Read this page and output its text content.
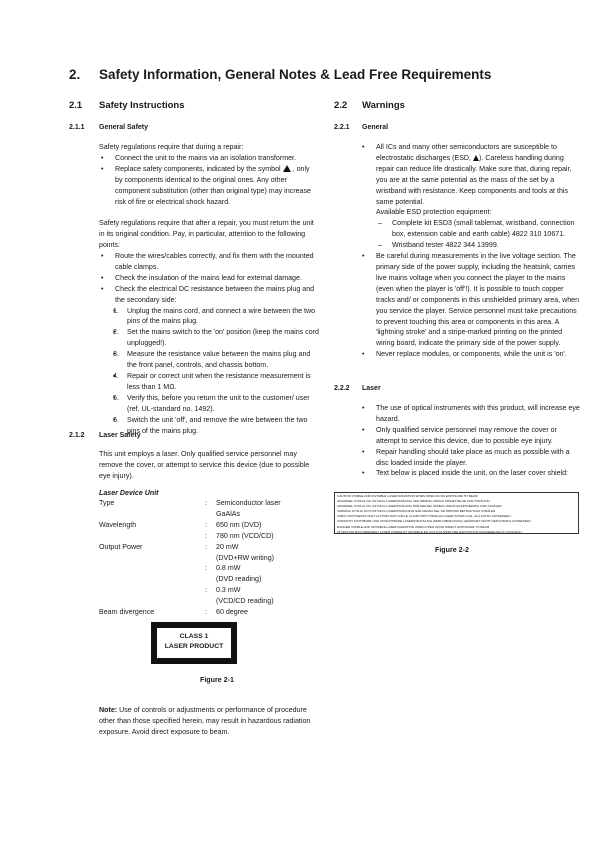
2. Safety Information, General Notes & Lead Free Requirements
2.1 Safety Instructions
2.1.1 General Safety

Safety regulations require that during a repair:

• Connect the unit to the mains via an isolation transformer.
• Replace safety components, indicated by the symbol , only by components identical to the original ones. Any other component substitution (other than original type) may increase risk of fire or electrical shock hazard.

Safety regulations require that after a repair, you must return the unit in its original condition. Pay, in particular, attention to the following points:

• Route the wires/cables correctly, and fix them with the mounted cable clamps.
• Check the insulation of the mains lead for external damage.
• Check the electrical DC resistance between the mains plug and the secondary side:
• 1. Unplug the mains cord, and connect a wire between the two pins of the mains plug.
• 2. Set the mains switch to the 'on' position (keep the mains cord unplugged!).
• 3. Measure the resistance value between the mains plug and the front panel, controls, and chassis bottom.
• 4. Repair or correct unit when the resistance measurement is less than 1 MΩ.
• 5. Verify this, before you return the unit to the customer/ user (ref. UL-standard no. 1492).
• 6. Switch the unit 'off', and remove the wire between the two pins of the mains plug.
2.1.2 Laser Safety
This unit employs a laser. Only qualified service personnel may remove the cover, or attempt to service this device (due to possible eye injury).
Laser Device Unit
Type	:	Semiconductor laser
		GaAlAs
Wavelength	:	650 nm (DVD)
	:	780 nm (VCD/CD)
Output Power	:	20 mW
		(DVD+RW writing)
	:	0.8 mW
		(DVD reading)
	:	0.3 mW
		(VCD/CD reading)
Beam divergence	:	60 degree
CLASS 1
LASER PRODUCT
Figure 2-1
Note: Use of controls or adjustments or performance of procedure other than those specified herein, may result in hazardous radiation exposure. Avoid direct exposure to beam.
2.2 Warnings
2.2.1 General
• All ICs and many other semiconductors are susceptible to electrostatic discharges (ESD, ). Careless handling during repair can reduce life drastically. Make sure that, during repair, you are at the same potential as the mass of the set by a wristband with resistance. Keep components and tools at this same potential.
Available ESD protection equipment:
– Complete kit ESD3 (small tablemat, wristband, connection box, extension cable and earth cable) 4822 310 10671.
– Wristband tester 4822 344 13999.
• Be careful during measurements in the live voltage section. The primary side of the power supply, including the heatsink, carries live mains voltage when you connect the player to the mains (even when the player is 'off'!). It is possible to touch copper tracks and/ or components in this unshielded primary area, when you service the player. Service personnel must take precautions to prevent touching this area or components in this area. A 'lightning stroke' and a stripe-marked printing on the printed wiring board, indicate the primary side of the power supply.
• Never replace modules, or components, while the unit is 'on'.
2.2.2 Laser
• The use of optical instruments with this product, will increase eye hazard.
• Only qualified service personnel may remove the cover or attempt to service this device, due to possible eye injury.
• Repair handling should take place as much as possible with a disc loaded inside the player.
• Text below is placed inside the unit, on the laser cover shield:
CAUTION VISIBLE AND INVISIBLE LASER RADIATION WHEN OPEN AVOID EXPOSURE TO BEAM
ADVARSEL SYNLIG OG USYNLIG LASERSTRÅLING VED ÅBNING UNDGÅ UDSÆTTELSE FOR STRÅLING
ADVARSEL SYNLIG OG USYNLIG LASERSTRÅLING NÅR DEKSEL ÅPNES UNNGÅ EKSPONERING FOR STRÅLEN
VARNING SYNLIG OCH OSYNLIG LASERSTRÅLNING NÄR DENNA DEL ÄR ÖPPNAD BETRAKTA EJ STRÅLEN
VARO! AVATTAESSA OLET ALTTIINA NÄKYVÄLLE JA NÄKYMÄTTÖMÄLLE LASER SÄTEILYLLE. ÄLÄ KATSO SÄTEESEEN
VORSICHT SICHTBARE UND UNSICHTBARE LASERSTRAHLUNG WENN ABDECKUNG GEÖFFNET NICHT DEM STRAHL AUSSETZEN
DANGER VISIBLE AND INVISIBLE LASER RADIATION WHEN OPEN AVOID DIRECT EXPOSURE TO BEAM
ATTENTION RAYONNEMENT LASER VISIBLE ET INVISIBLE EN CAS D'OUVERTURE EXPOSITION DANGEREUSE AU FAISCEAU
Figure 2-2
